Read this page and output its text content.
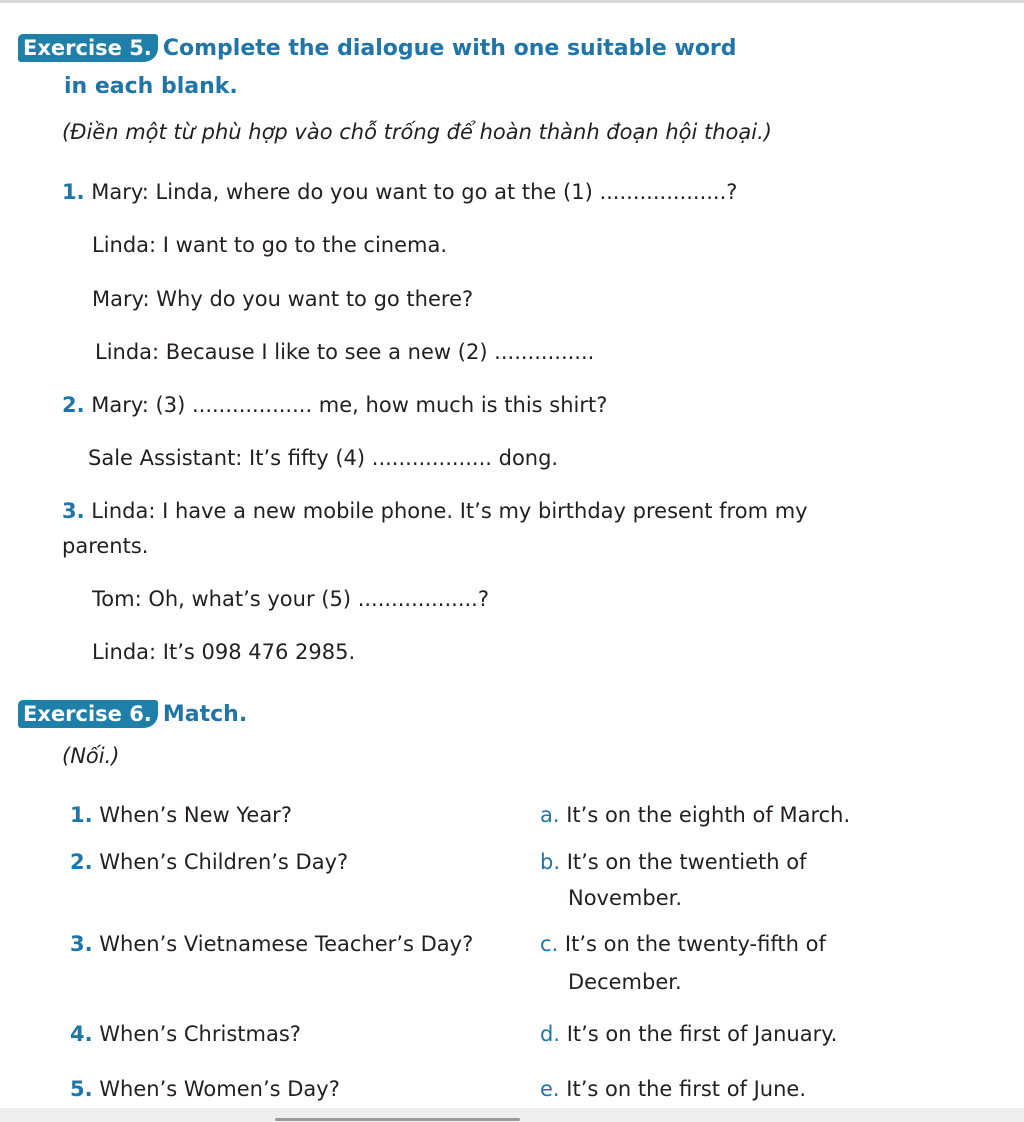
Exercise 5. Complete the dialogue with one suitable word
in each blank.
(Điền một từ phù hợp vào chỗ trống để hoàn thành đoạn hội thoại.)
1. Mary: Linda, where do you want to go at the (1) ...................?
Linda: I want to go to the cinema.
Mary: Why do you want to go there?
Linda: Because I like to see a new (2) ...............
2. Mary: (3) .................. me, how much is this shirt?
Sale Assistant: It’s fifty (4) .................. dong.
3. Linda: I have a new mobile phone. It’s my birthday present from my
parents.
Tom: Oh, what’s your (5) ..................?
Linda: It’s 098 476 2985.
Exercise 6. Match.
(Nối.)
1. When’s New Year?
2. When’s Children’s Day?
3. When’s Vietnamese Teacher’s Day?
4. When’s Christmas?
5. When’s Women’s Day?
a. It’s on the eighth of March.
b. It’s on the twentieth of
November.
c. It’s on the twenty-fifth of
December.
d. It’s on the first of January.
e. It’s on the first of June.
